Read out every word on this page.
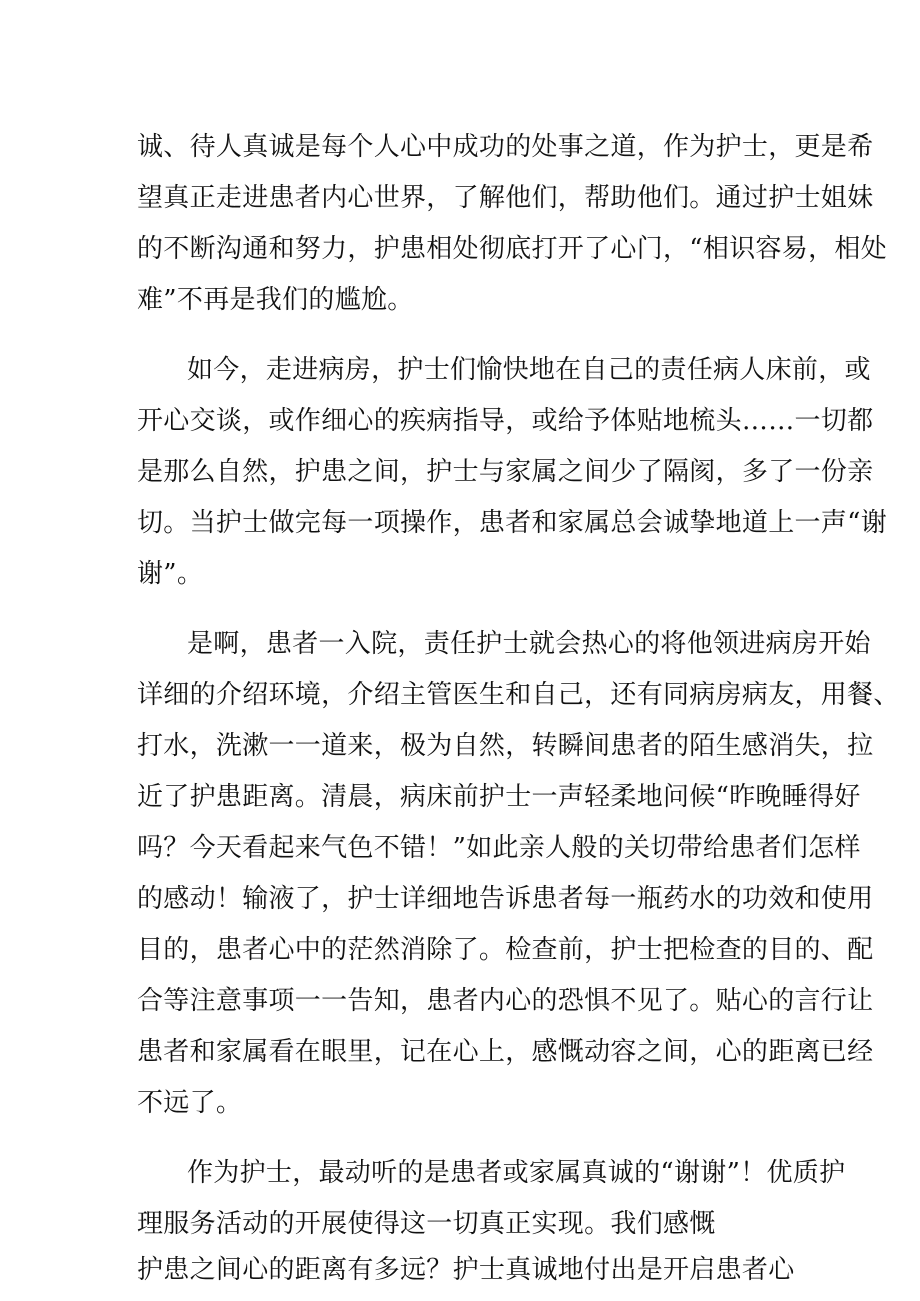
诚、待人真诚是每个人心中成功的处事之道，作为护士，更是希
望真正走进患者内心世界，了解他们，帮助他们。通过护士姐妹
的不断沟通和努力，护患相处彻底打开了心门，“相识容易，相处
难”不再是我们的尴尬。
如今，走进病房，护士们愉快地在自己的责任病人床前，或
开心交谈，或作细心的疾病指导，或给予体贴地梳头……一切都
是那么自然，护患之间，护士与家属之间少了隔阂，多了一份亲
切。当护士做完每一项操作，患者和家属总会诚挚地道上一声“谢
谢”。
是啊，患者一入院，责任护士就会热心的将他领进病房开始
详细的介绍环境，介绍主管医生和自己，还有同病房病友，用餐、
打水，洗漱一一道来，极为自然，转瞬间患者的陌生感消失，拉
近了护患距离。清晨，病床前护士一声轻柔地问候“昨晚睡得好
吗？今天看起来气色不错！”如此亲人般的关切带给患者们怎样
的感动！输液了，护士详细地告诉患者每一瓶药水的功效和使用
目的，患者心中的茫然消除了。检查前，护士把检查的目的、配
合等注意事项一一告知，患者内心的恐惧不见了。贴心的言行让
患者和家属看在眼里，记在心上，感慨动容之间，心的距离已经
不远了。
作为护士，最动听的是患者或家属真诚的“谢谢”！优质护
理服务活动的开展使得这一切真正实现。我们感慨
护患之间心的距离有多远？护士真诚地付出是开启患者心
